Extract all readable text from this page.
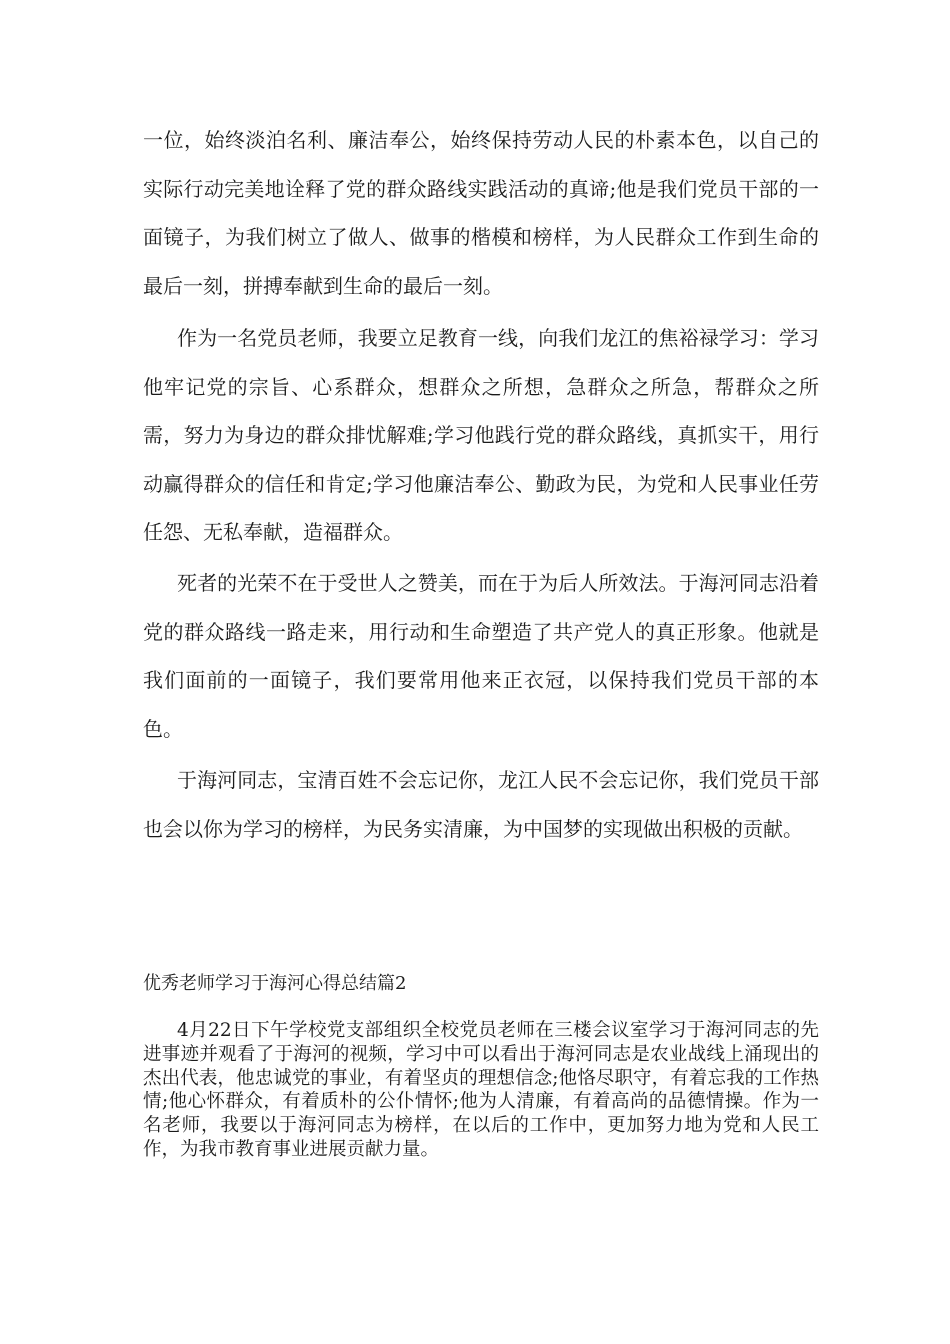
一位，始终淡泊名利、廉洁奉公，始终保持劳动人民的朴素本色，以自己的实际行动完美地诠释了党的群众路线实践活动的真谛;他是我们党员干部的一面镜子，为我们树立了做人、做事的楷模和榜样，为人民群众工作到生命的最后一刻，拼搏奉献到生命的最后一刻。

作为一名党员老师，我要立足教育一线，向我们龙江的焦裕禄学习：学习他牢记党的宗旨、心系群众，想群众之所想，急群众之所急，帮群众之所需，努力为身边的群众排忧解难;学习他践行党的群众路线，真抓实干，用行动赢得群众的信任和肯定;学习他廉洁奉公、勤政为民，为党和人民事业任劳任怨、无私奉献，造福群众。

死者的光荣不在于受世人之赞美，而在于为后人所效法。于海河同志沿着党的群众路线一路走来，用行动和生命塑造了共产党人的真正形象。他就是我们面前的一面镜子，我们要常用他来正衣冠，以保持我们党员干部的本色。

于海河同志，宝清百姓不会忘记你，龙江人民不会忘记你，我们党员干部也会以你为学习的榜样，为民务实清廉，为中国梦的实现做出积极的贡献。

优秀老师学习于海河心得总结篇2

4月22日下午学校党支部组织全校党员老师在三楼会议室学习于海河同志的先进事迹并观看了于海河的视频，学习中可以看出于海河同志是农业战线上涌现出的杰出代表，他忠诚党的事业，有着坚贞的理想信念;他恪尽职守，有着忘我的工作热情;他心怀群众，有着质朴的公仆情怀;他为人清廉，有着高尚的品德情操。作为一名老师，我要以于海河同志为榜样，在以后的工作中，更加努力地为党和人民工作，为我市教育事业进展贡献力量。
